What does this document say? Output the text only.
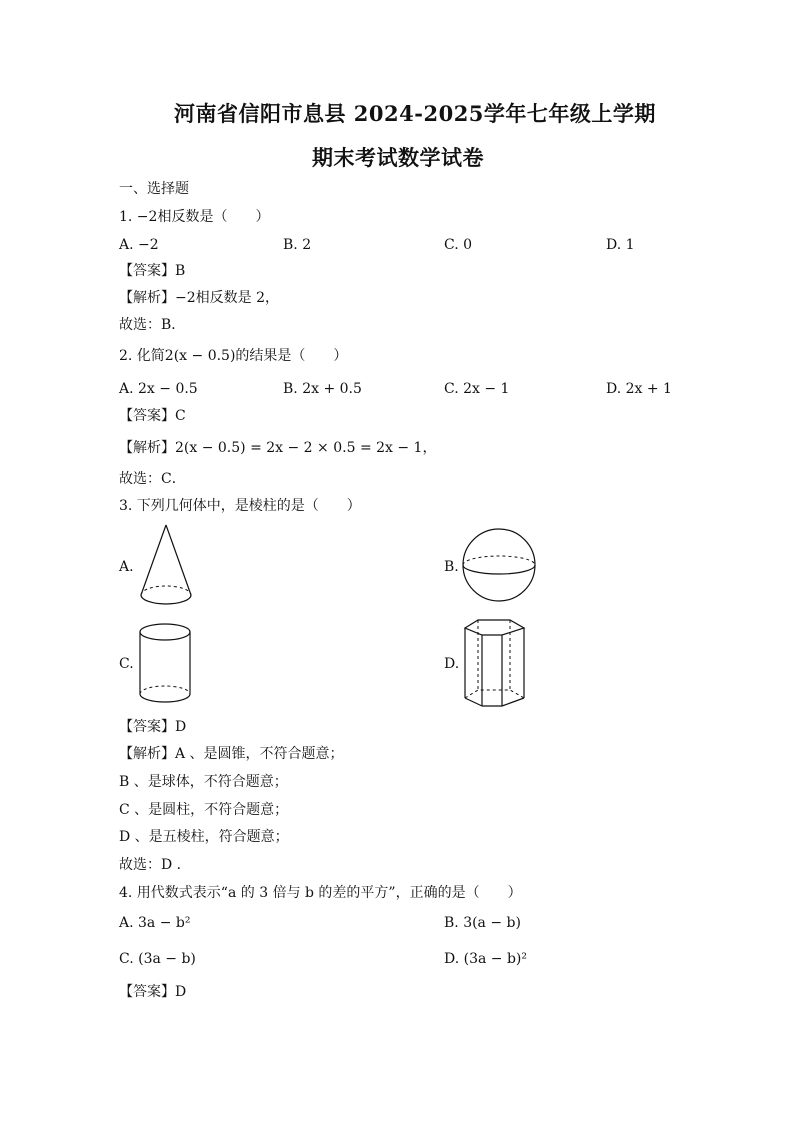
河南省信阳市息县 2024-2025学年七年级上学期
期末考试数学试卷
一、选择题
1. −2相反数是（　　）
A. −2	B. 2	C. 0	D. 1
【答案】B
【解析】−2相反数是 2，
故选：B．
2. 化简2(x − 0.5)的结果是（　　）
A. 2x − 0.5	B. 2x + 0.5	C. 2x − 1	D. 2x + 1
【答案】C
【解析】2(x − 0.5) = 2x − 2 × 0.5 = 2x − 1，
故选：C．
3. 下列几何体中，是棱柱的是（　　）
A.	B.
C.	D.
【答案】D
【解析】A 、是圆锥，不符合题意；
B 、是球体，不符合题意；
C 、是圆柱，不符合题意；
D 、是五棱柱，符合题意；
故选：D ．
4. 用代数式表示“a 的 3 倍与 b 的差的平方”，正确的是（　　）
A. 3a − b²	B. 3(a − b)
C. (3a − b)	D. (3a − b)²
【答案】D
